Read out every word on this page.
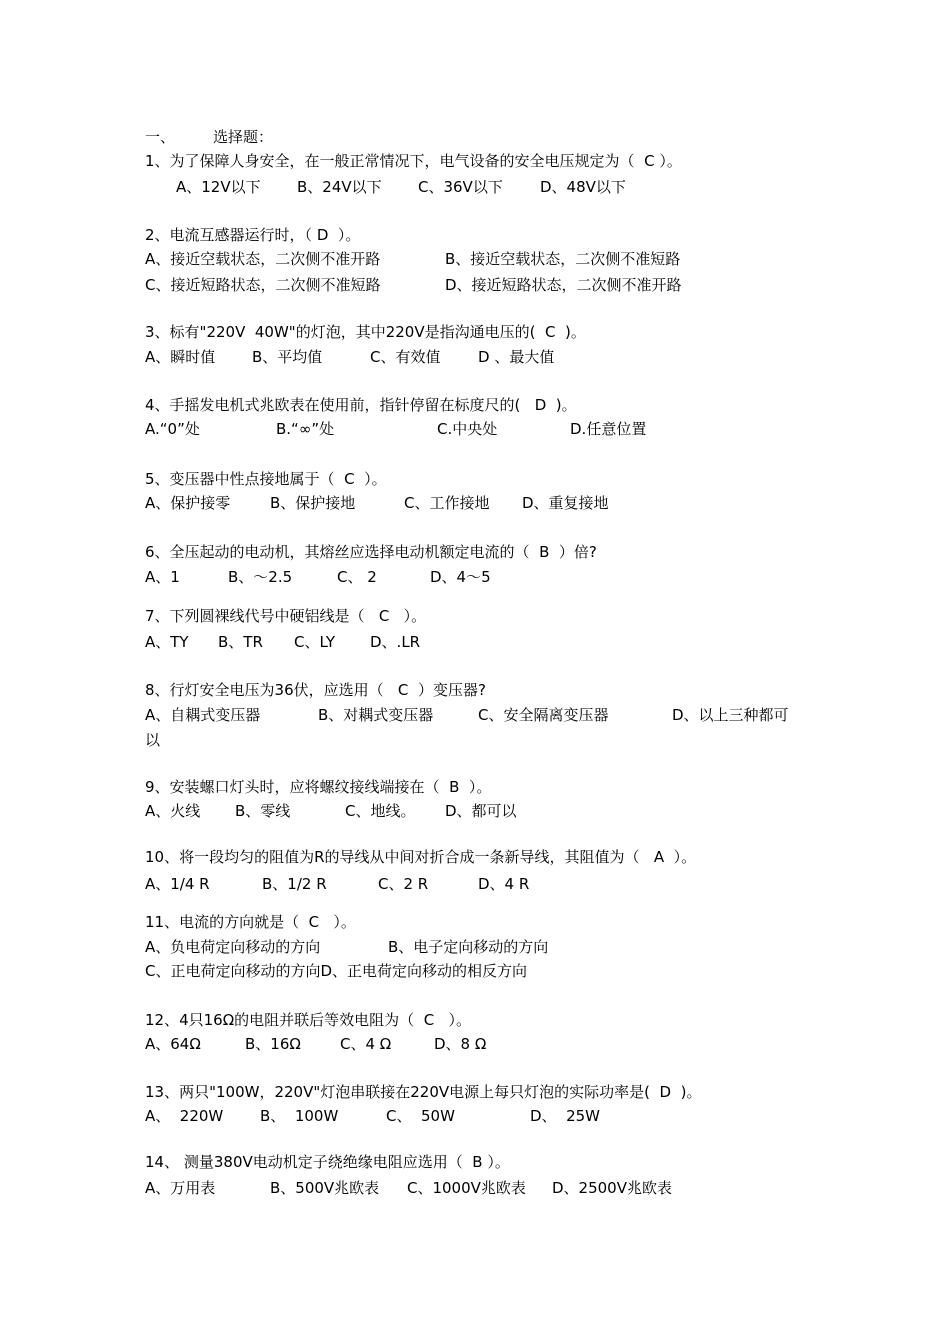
一、	选择题：
1、为了保障人身安全，在一般正常情况下，电气设备的安全电压规定为（  C ）。
A、12V以下 B、24V以下 C、36V以下 D、48V以下
2、电流互感器运行时，（ D  ）。
A、接近空载状态，二次侧不准开路	B、接近空载状态，二次侧不准短路
C、接近短路状态，二次侧不准短路	D、接近短路状态，二次侧不准开路
3、标有"220V  40W"的灯泡，其中220V是指沟通电压的(  C  )。
A、瞬时值 B、平均值	C、有效值	D 、最大值
4、手摇发电机式兆欧表在使用前，指针停留在标度尺的(   D  )。
A.“0”处	B.“∞”处	C.中央处	D.任意位置
5、变压器中性点接地属于（  C  ）。
A、保护接零	B、保护接地	C、工作接地 D、重复接地
6、全压起动的电动机，其熔丝应选择电动机额定电流的（  B  ）倍?
A、1	B、～2.5	C、 2	D、4～5
7、下列圆裸线代号中硬铝线是（   C   ）。
A、TY B、TR C、LY D、.LR
8、行灯安全电压为36伏，应选用（   C  ）变压器?
A、自耦式变压器	B、对耦式变压器	C、安全隔离变压器	D、以上三种都可
以
9、安装螺口灯头时，应将螺纹接线端接在（  B  ）。
A、火线 B、零线	C、地线。 D、都可以
10、将一段均匀的阻值为R的导线从中间对折合成一条新导线，其阻值为（   A  ）。
A、1/4 R	B、1/2 R	C、2 R	D、4 R
11、电流的方向就是（  C   ）。
A、负电荷定向移动的方向	B、电子定向移动的方向
C、正电荷定向移动的方向D、正电荷定向移动的相反方向
12、4只16Ω的电阻并联后等效电阻为（  C   ）。
A、64Ω	B、16Ω	C、4 Ω	D、8 Ω
13、两只"100W，220V"灯泡串联接在220V电源上每只灯泡的实际功率是(  D  )。
A、  220W B、  100W	C、  50W	D、  25W
14、 测量380V电动机定子绕绝缘电阻应选用（  B ）。
A、万用表	B、500V兆欧表 C、1000V兆欧表 D、2500V兆欧表
